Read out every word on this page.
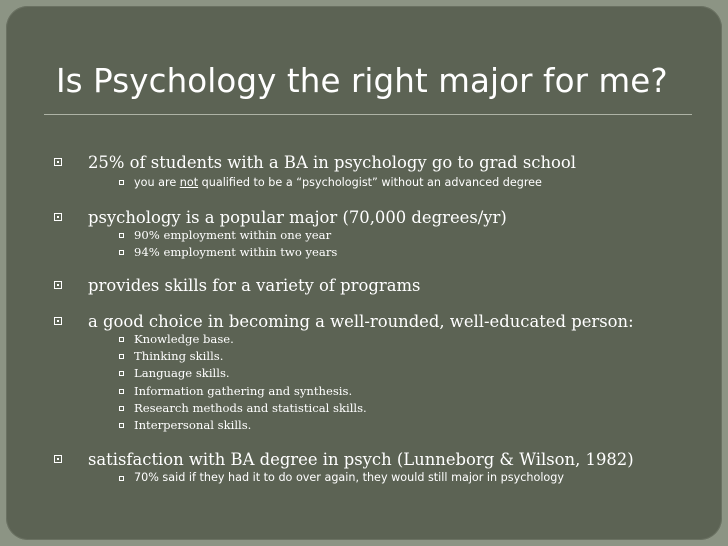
Is Psychology the right major for me?
25% of students with a BA in psychology go to grad school
you are not qualified to be a “psychologist” without an advanced degree
psychology is a popular major (70,000 degrees/yr)
90% employment within one year
94% employment within two years
provides skills for a variety of programs
a good choice in becoming a well-rounded, well-educated person:
Knowledge base.
Thinking skills.
Language skills.
Information gathering and synthesis.
Research methods and statistical skills.
Interpersonal skills.
satisfaction with BA degree in psych (Lunneborg & Wilson, 1982)
70% said if they had it to do over again, they would still major in psychology
